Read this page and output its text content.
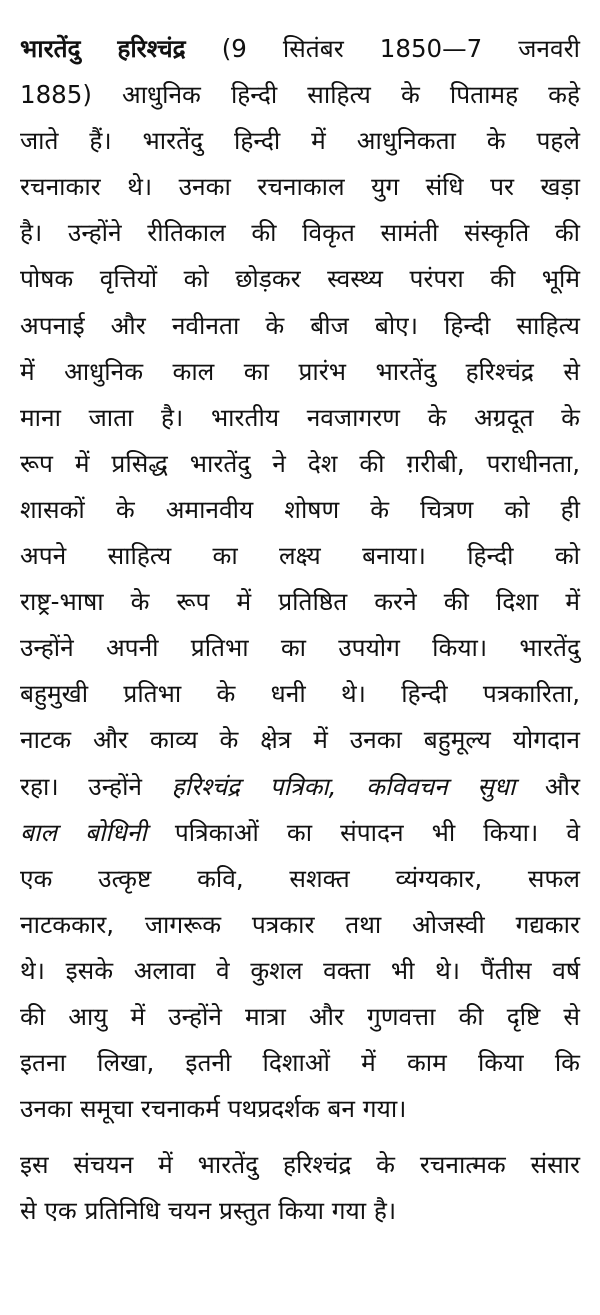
भारतेंदु हरिश्चंद्र (9 सितंबर 1850—7 जनवरी
1885) आधुनिक हिन्दी साहित्य के पितामह कहे
जाते हैं। भारतेंदु हिन्दी में आधुनिकता के पहले
रचनाकार थे। उनका रचनाकाल युग संधि पर खड़ा
है। उन्होंने रीतिकाल की विकृत सामंती संस्कृति की
पोषक वृत्तियों को छोड़कर स्वस्थ्य परंपरा की भूमि
अपनाई और नवीनता के बीज बोए। हिन्दी साहित्य
में आधुनिक काल का प्रारंभ भारतेंदु हरिश्चंद्र से
माना जाता है। भारतीय नवजागरण के अग्रदूत के
रूप में प्रसिद्ध भारतेंदु ने देश की ग़रीबी, पराधीनता,
शासकों के अमानवीय शोषण के चित्रण को ही
अपने साहित्य का लक्ष्य बनाया। हिन्दी को
राष्ट्र-भाषा के रूप में प्रतिष्ठित करने की दिशा में
उन्होंने अपनी प्रतिभा का उपयोग किया। भारतेंदु
बहुमुखी प्रतिभा के धनी थे। हिन्दी पत्रकारिता,
नाटक और काव्य के क्षेत्र में उनका बहुमूल्य योगदान
रहा। उन्होंने हरिश्चंद्र पत्रिका, कविवचन सुधा और
बाल बोधिनी पत्रिकाओं का संपादन भी किया। वे
एक उत्कृष्ट कवि, सशक्त व्यंग्यकार, सफल
नाटककार, जागरूक पत्रकार तथा ओजस्वी गद्यकार
थे। इसके अलावा वे कुशल वक्ता भी थे। पैंतीस वर्ष
की आयु में उन्होंने मात्रा और गुणवत्ता की दृष्टि से
इतना लिखा, इतनी दिशाओं में काम किया कि
उनका समूचा रचनाकर्म पथप्रदर्शक बन गया।
इस संचयन में भारतेंदु हरिश्चंद्र के रचनात्मक संसार
से एक प्रतिनिधि चयन प्रस्तुत किया गया है।
